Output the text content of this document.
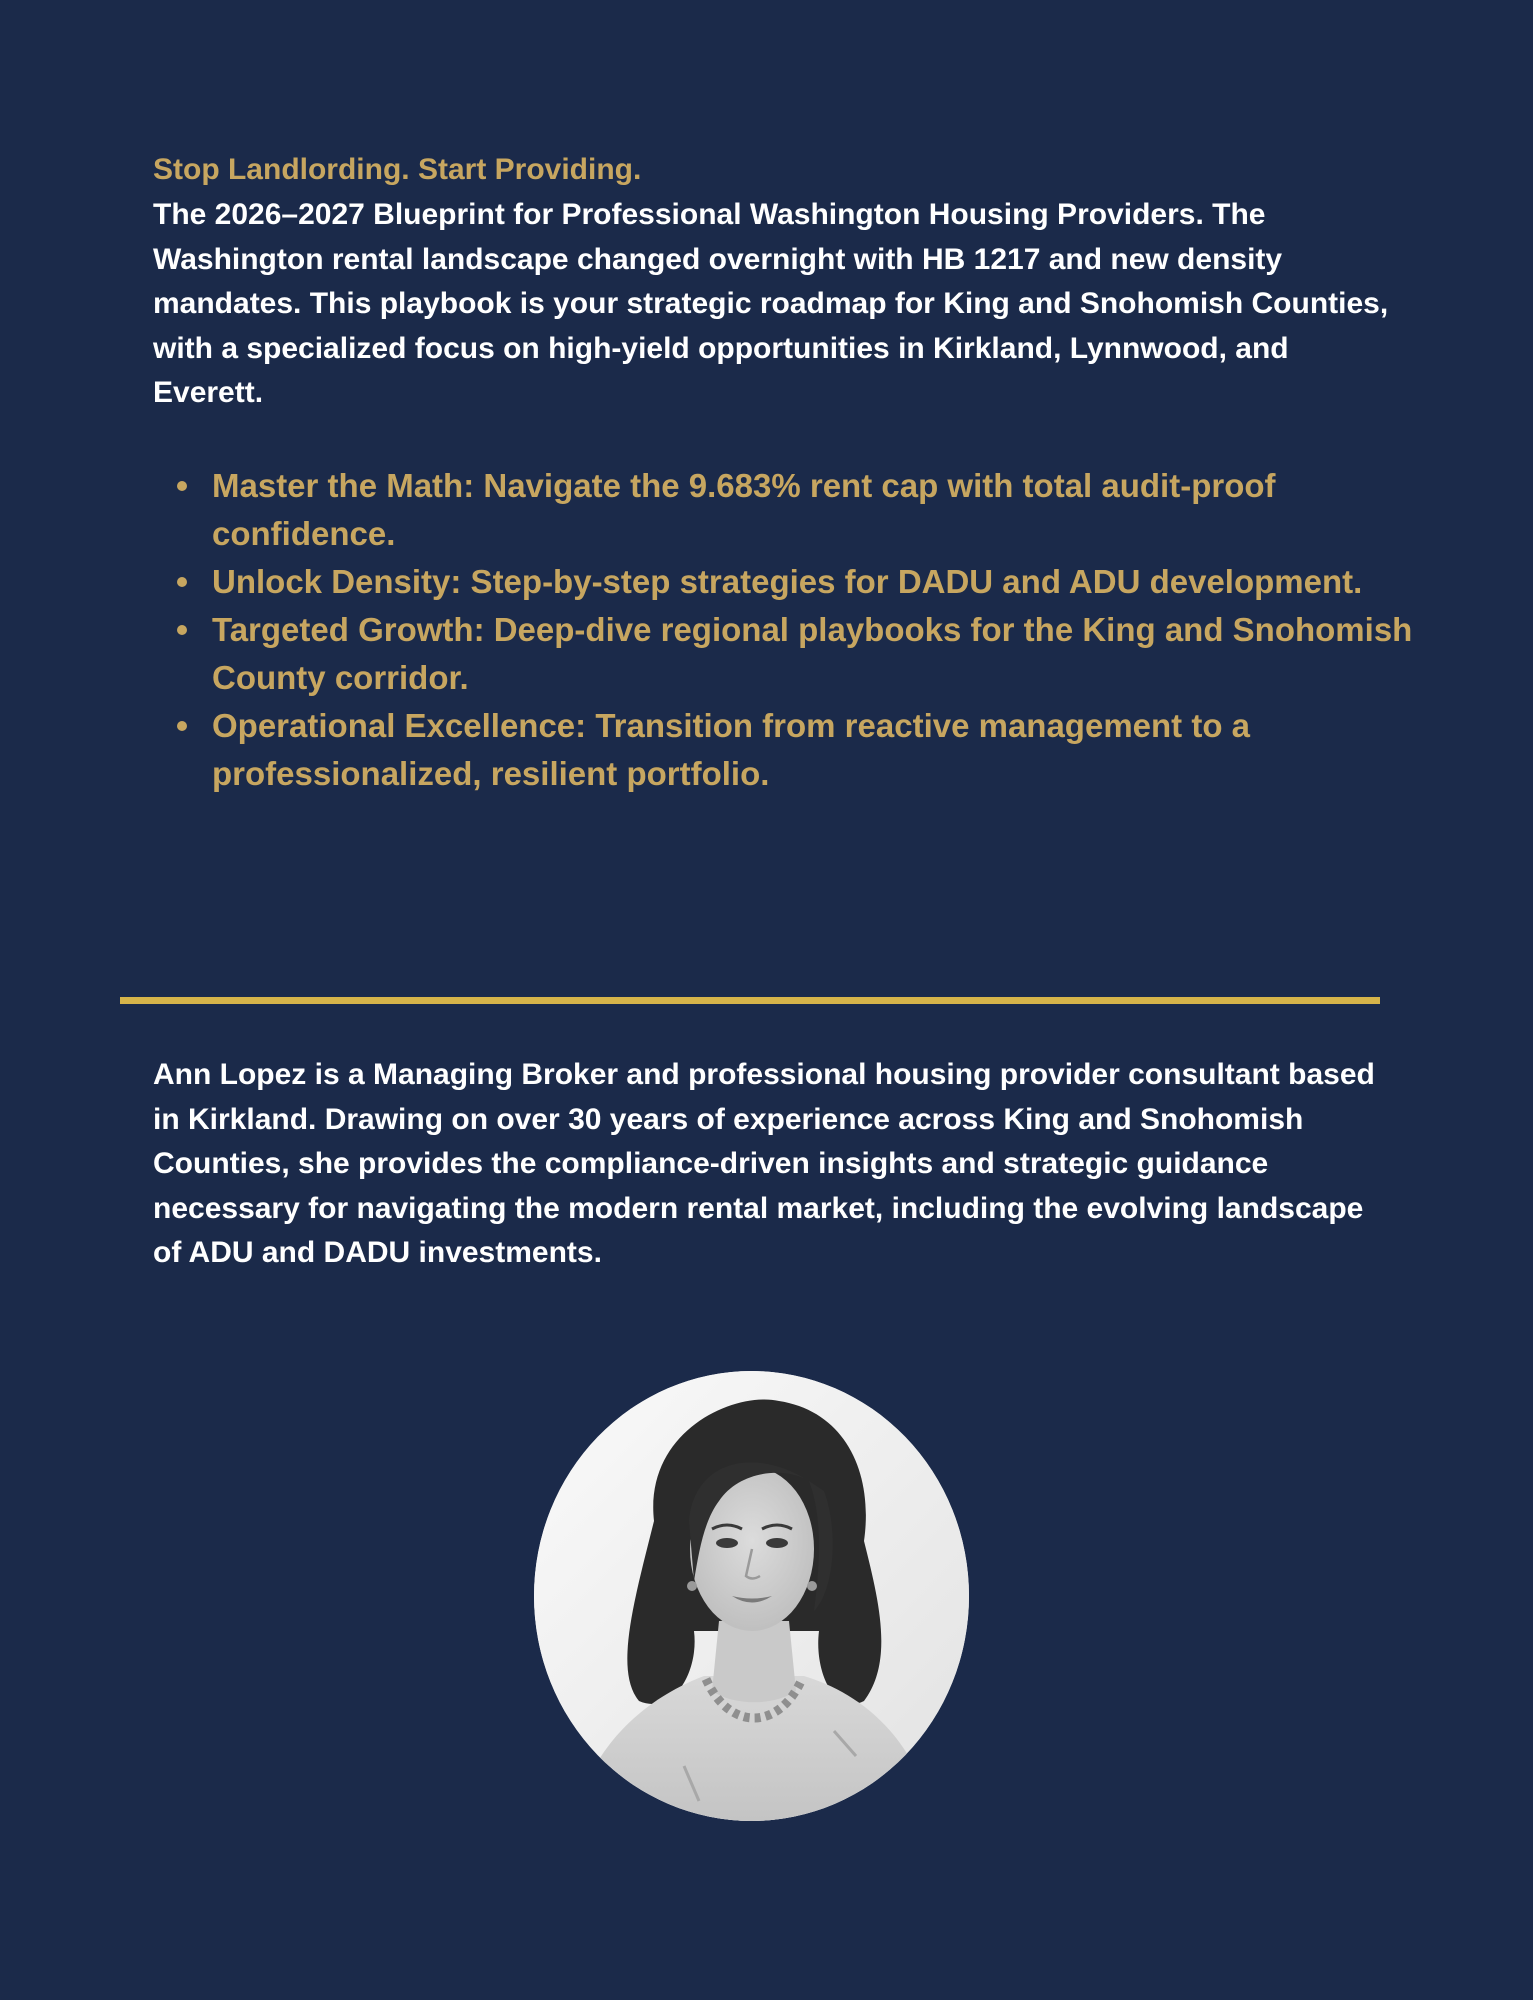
Stop Landlording. Start Providing.

The 2026–2027 Blueprint for Professional Washington Housing Providers. The Washington rental landscape changed overnight with HB 1217 and new density mandates. This playbook is your strategic roadmap for King and Snohomish Counties, with a specialized focus on high-yield opportunities in Kirkland, Lynnwood, and Everett.

Master the Math: Navigate the 9.683% rent cap with total audit-proof confidence.
Unlock Density: Step-by-step strategies for DADU and ADU development.
Targeted Growth: Deep-dive regional playbooks for the King and Snohomish County corridor.
Operational Excellence: Transition from reactive management to a professionalized, resilient portfolio.

Ann Lopez is a Managing Broker and professional housing provider consultant based in Kirkland. Drawing on over 30 years of experience across King and Snohomish Counties, she provides the compliance-driven insights and strategic guidance necessary for navigating the modern rental market, including the evolving landscape of ADU and DADU investments.
